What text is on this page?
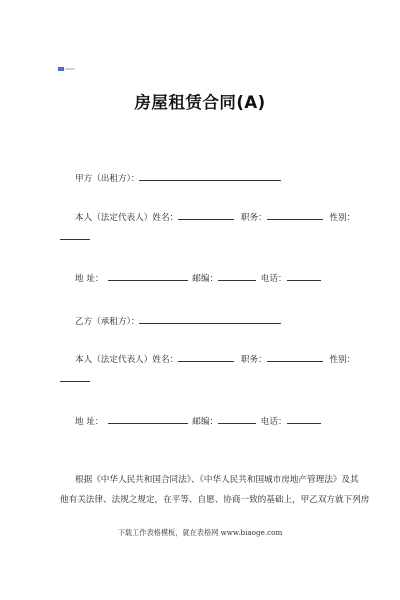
房屋租赁合同(A)
甲方（出租方）：
本人（法定代表人）姓名：	职务：	性别：
地 址：	邮编：	电话：
乙方（承租方）：
本人（法定代表人）姓名：	职务：	性别：
地 址：	邮编：	电话：
根据《中华人民共和国合同法》、《中华人民共和国城市房地产管理法》及其
他有关法律、法规之规定，在平等、自愿、协商一致的基础上，甲乙双方就下列房
下载工作表格模板，就在表格网 www.biaoge.com
